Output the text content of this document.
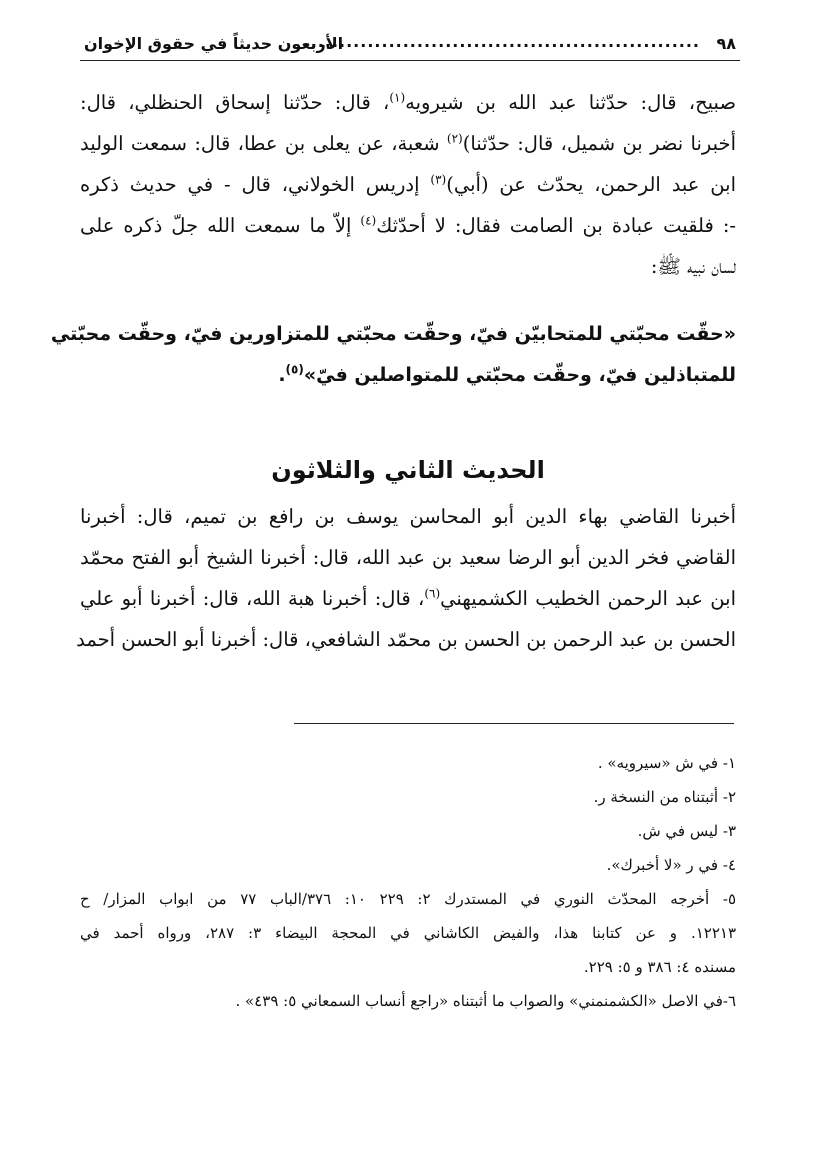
٩٨
........................................................
الأربعون حديثاً في حقوق الإخوان
صبيح، قال: حدّثنا عبد الله بن شيرويه$^{(١)}$، قال: حدّثنا إسحاق الحنظلي، قال:
أخبرنا نضر بن شميل، قال: حدّثنا)$^{(٢)}$ شعبة، عن يعلى بن عطا، قال: سمعت الوليد
ابن عبد الرحمن، يحدّث عن (أبي)$^{(٣)}$ إدريس الخولاني، قال - في حديث ذكره
-: فلقيت عبادة بن الصامت فقال: لا أحدّثك$^{(٤)}$ إلاّ ما سمعت الله جلّ ذكره على
لسان نبيه ﷺ:
«حقّت محبّتي للمتحابيّن فيّ، وحقّت محبّتي للمتزاورين فيّ، وحقّت محبّتي
للمتباذلين فيّ، وحقّت محبّتي للمتواصلين فيّ»$^{(٥)}$.
الحديث الثاني والثلاثون
أخبرنا القاضي بهاء الدين أبو المحاسن يوسف بن رافع بن تميم، قال: أخبرنا
القاضي فخر الدين أبو الرضا سعيد بن عبد الله، قال: أخبرنا الشيخ أبو الفتح محمّد
ابن عبد الرحمن الخطيب الكشميهني$^{(٦)}$، قال: أخبرنا هبة الله، قال: أخبرنا أبو علي
الحسن بن عبد الرحمن بن الحسن بن محمّد الشافعي، قال: أخبرنا أبو الحسن أحمد
١- في ش «سيرويه» .
٢- أثبتناه من النسخة ر.
٣- ليس في ش.
٤- في ر «لا أخبرك».
٥- أخرجه المحدّث النوري في المستدرك ٢: ٢٢٩ ١٠: ٣٧٦/الباب ٧٧ من ابواب المزار/ ح
١٢٢١٣. و عن كتابنا هذا، والفيض الكاشاني في المحجة البيضاء ٣: ٢٨٧، ورواه أحمد في
مسنده ٤: ٣٨٦ و ٥: ٢٢٩.
٦-في الاصل «الكشمنمني» والصواب ما أثبتناه «راجع أنساب السمعاني ٥: ٤٣٩» .
